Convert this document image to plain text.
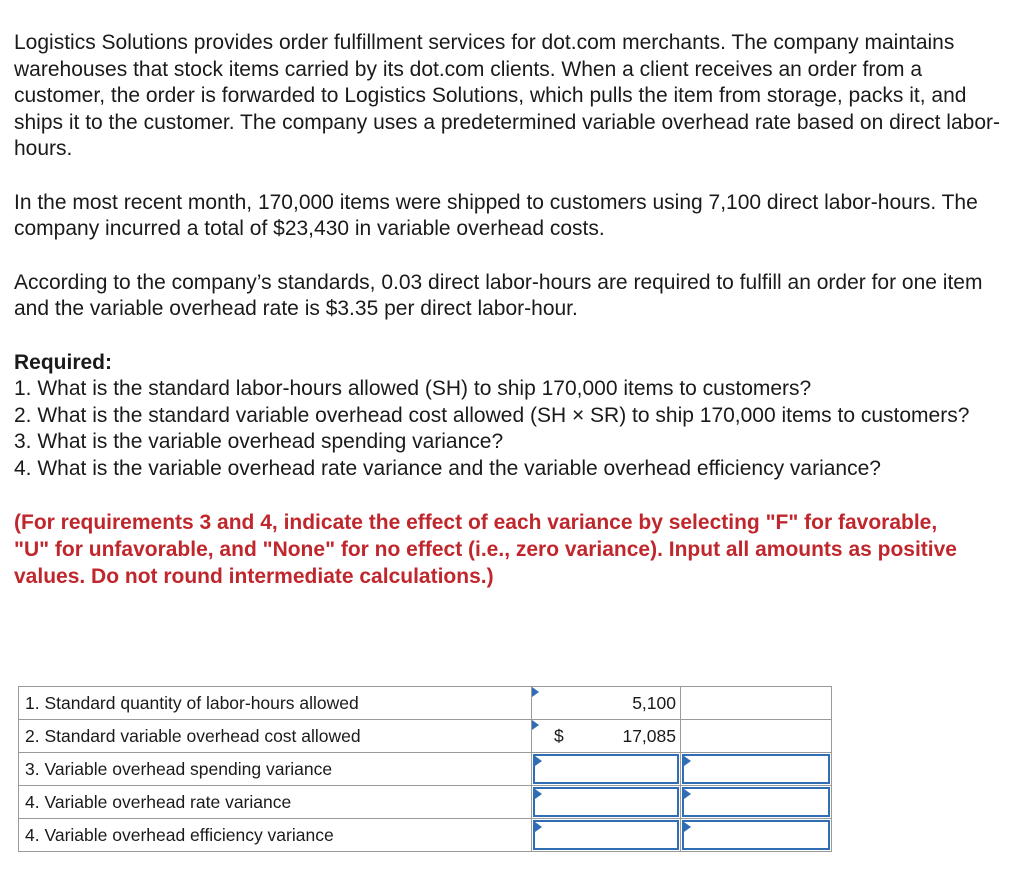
Logistics Solutions provides order fulfillment services for dot.com merchants. The company maintains warehouses that stock items carried by its dot.com clients. When a client receives an order from a customer, the order is forwarded to Logistics Solutions, which pulls the item from storage, packs it, and ships it to the customer. The company uses a predetermined variable overhead rate based on direct labor-hours.

In the most recent month, 170,000 items were shipped to customers using 7,100 direct labor-hours. The company incurred a total of $23,430 in variable overhead costs.

According to the company’s standards, 0.03 direct labor-hours are required to fulfill an order for one item and the variable overhead rate is $3.35 per direct labor-hour.

Required:

1. What is the standard labor-hours allowed (SH) to ship 170,000 items to customers?

2. What is the standard variable overhead cost allowed (SH × SR) to ship 170,000 items to customers?

3. What is the variable overhead spending variance?

4. What is the variable overhead rate variance and the variable overhead efficiency variance?

(For requirements 3 and 4, indicate the effect of each variance by selecting "F" for favorable, "U" for unfavorable, and "None" for no effect (i.e., zero variance). Input all amounts as positive values. Do not round intermediate calculations.)

1. Standard quantity of labor-hours allowed	5,100	

2. Standard variable overhead cost allowed	$ 17,085	

3. Variable overhead spending variance	

4. Variable overhead rate variance	

4. Variable overhead efficiency variance	
